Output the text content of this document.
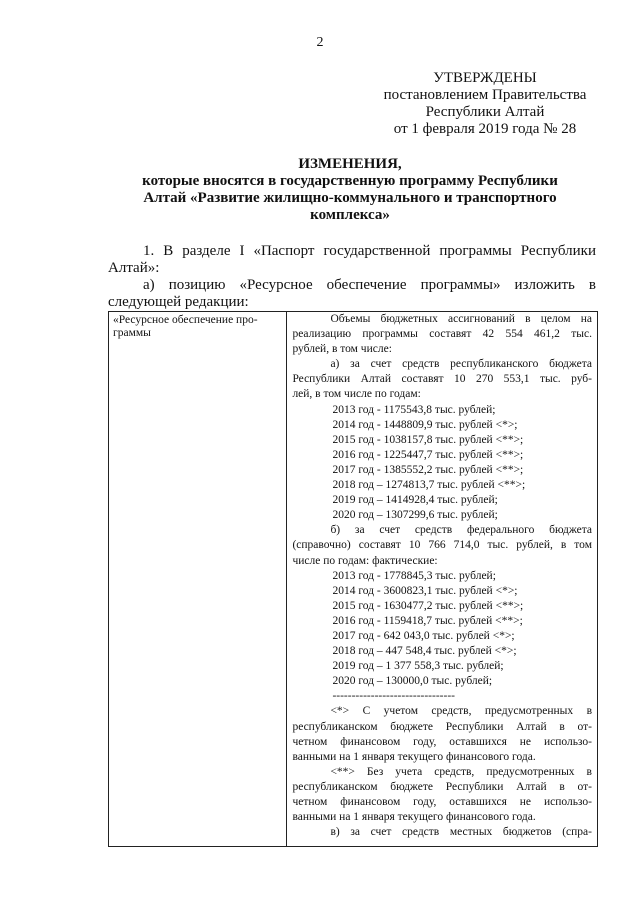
2
УТВЕРЖДЕНЫ
постановлением Правительства
Республики Алтай
от 1 февраля 2019 года № 28
ИЗМЕНЕНИЯ,
которые вносятся в государственную программу Республики
Алтай «Развитие жилищно-коммунального и транспортного
комплекса»
1. В разделе I «Паспорт государственной программы Республики
Алтай»:
а) позицию «Ресурсное обеспечение программы» изложить в
следующей редакции:
«Ресурсное обеспечение про-
граммы

Объемы бюджетных ассигнований в целом на
реализацию программы составят 42 554 461,2 тыс.
рублей, в том числе:
а) за счет средств республиканского бюджета
Республики Алтай составят 10 270 553,1 тыс. руб-
лей, в том числе по годам:
2013 год - 1175543,8 тыс. рублей;
2014 год - 1448809,9 тыс. рублей <*>;
2015 год - 1038157,8 тыс. рублей <**>;
2016 год - 1225447,7 тыс. рублей <**>;
2017 год - 1385552,2 тыс. рублей <**>;
2018 год – 1274813,7 тыс. рублей <**>;
2019 год – 1414928,4 тыс. рублей;
2020 год – 1307299,6 тыс. рублей;
б) за счет средств федерального бюджета
(справочно) составят 10 766 714,0 тыс. рублей, в том
числе по годам: фактические:
2013 год - 1778845,3 тыс. рублей;
2014 год - 3600823,1 тыс. рублей <*>;
2015 год - 1630477,2 тыс. рублей <**>;
2016 год - 1159418,7 тыс. рублей <**>;
2017 год - 642 043,0 тыс. рублей <*>;
2018 год – 447 548,4 тыс. рублей <*>;
2019 год – 1 377 558,3 тыс. рублей;
2020 год – 130000,0 тыс. рублей;
--------------------------------
<*> С учетом средств, предусмотренных в
республиканском бюджете Республики Алтай в от-
четном финансовом году, оставшихся не использо-
ванными на 1 января текущего финансового года.
<**> Без учета средств, предусмотренных в
республиканском бюджете Республики Алтай в от-
четном финансовом году, оставшихся не использо-
ванными на 1 января текущего финансового года.
в) за счет средств местных бюджетов (спра-
